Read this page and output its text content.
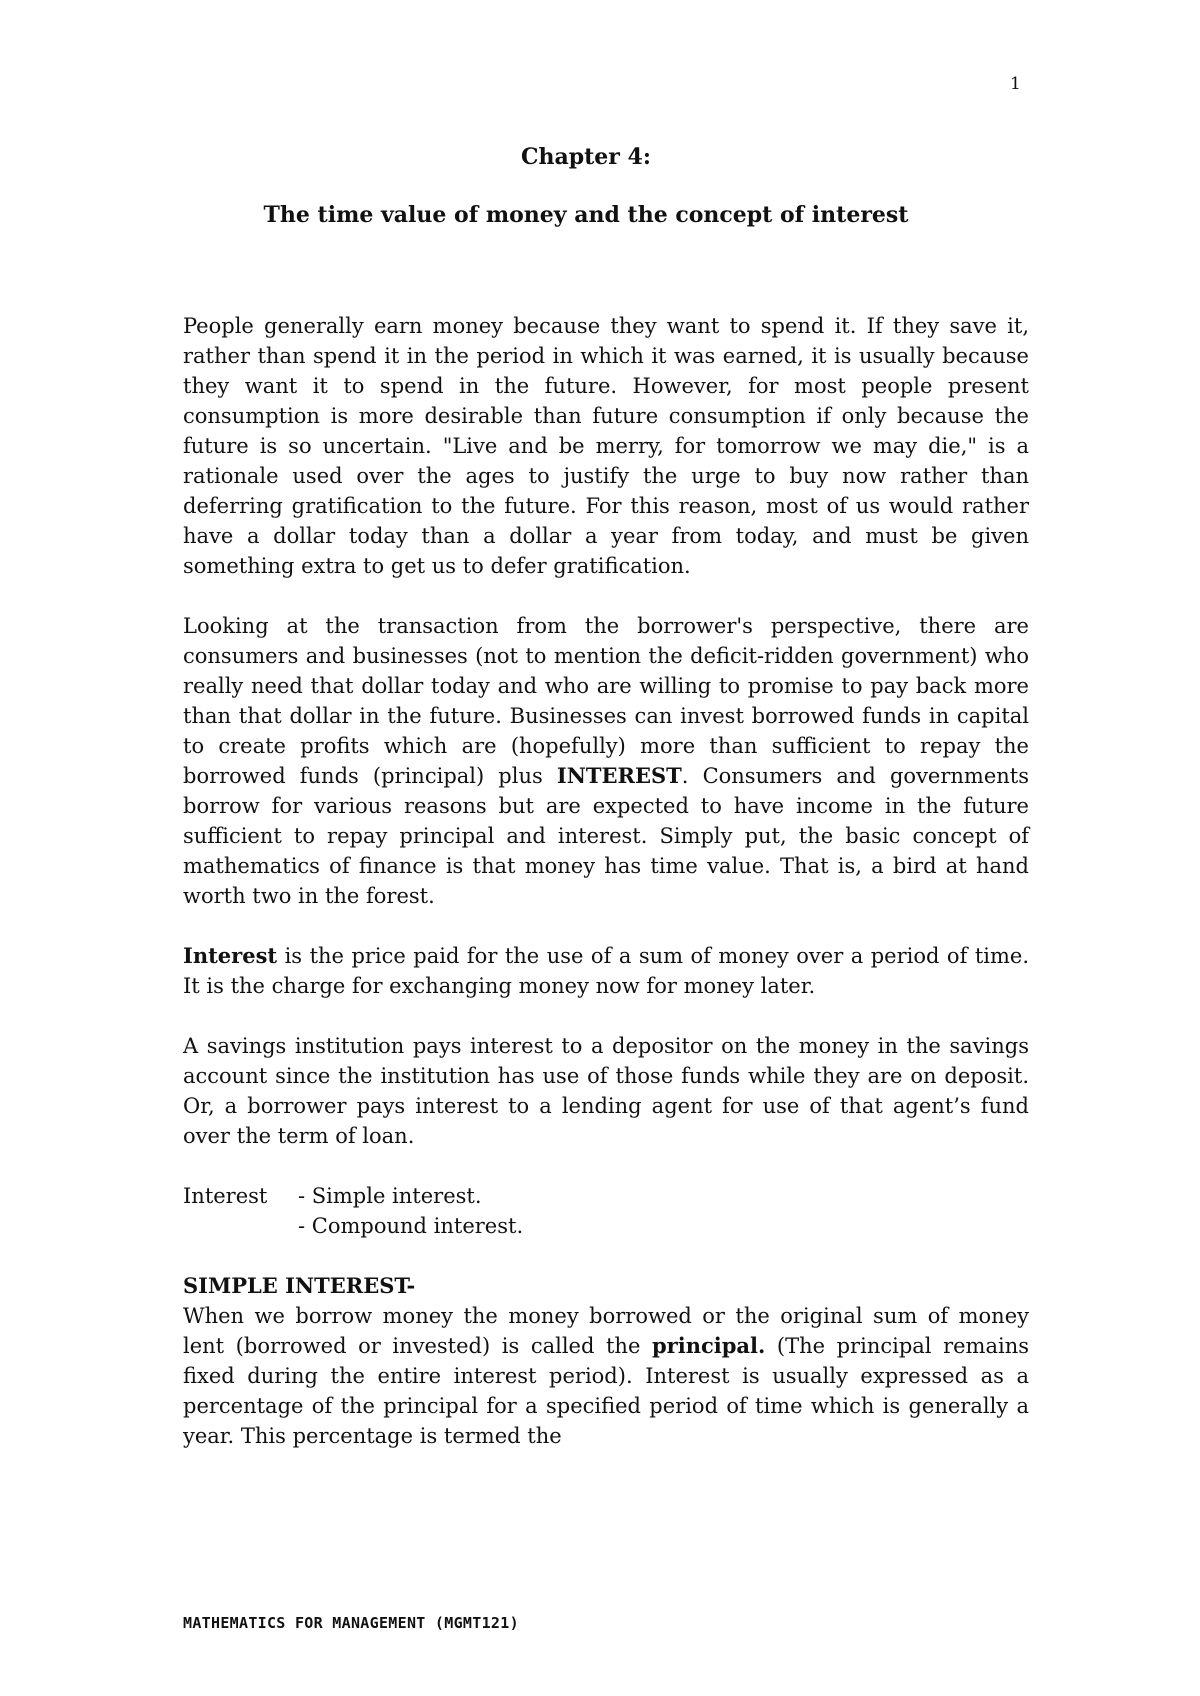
1
Chapter 4:
The time value of money and the concept of interest

People generally earn money because they want to spend it. If they save it, rather than spend it in the period in which it was earned, it is usually because they want it to spend in the future. However, for most people present consumption is more desirable than future consumption if only because the future is so uncertain. "Live and be merry, for tomorrow we may die," is a rationale used over the ages to justify the urge to buy now rather than deferring gratification to the future. For this reason, most of us would rather have a dollar today than a dollar a year from today, and must be given something extra to get us to defer gratification.

Looking at the transaction from the borrower's perspective, there are consumers and businesses (not to mention the deficit-ridden government) who really need that dollar today and who are willing to promise to pay back more than that dollar in the future. Businesses can invest borrowed funds in capital to create profits which are (hopefully) more than sufficient to repay the borrowed funds (principal) plus INTEREST. Consumers and governments borrow for various reasons but are expected to have income in the future sufficient to repay principal and interest. Simply put, the basic concept of mathematics of finance is that money has time value. That is, a bird at hand worth two in the forest.

Interest is the price paid for the use of a sum of money over a period of time. It is the charge for exchanging money now for money later.

A savings institution pays interest to a depositor on the money in the savings account since the institution has use of those funds while they are on deposit. Or, a borrower pays interest to a lending agent for use of that agent’s fund over the term of loan.

Interest	- Simple interest.
- Compound interest.

SIMPLE INTEREST-

When we borrow money the money borrowed or the original sum of money lent (borrowed or invested) is called the principal. (The principal remains fixed during the entire interest period). Interest is usually expressed as a percentage of the principal for a specified period of time which is generally a year. This percentage is termed the

MATHEMATICS FOR MANAGEMENT (MGMT121)
